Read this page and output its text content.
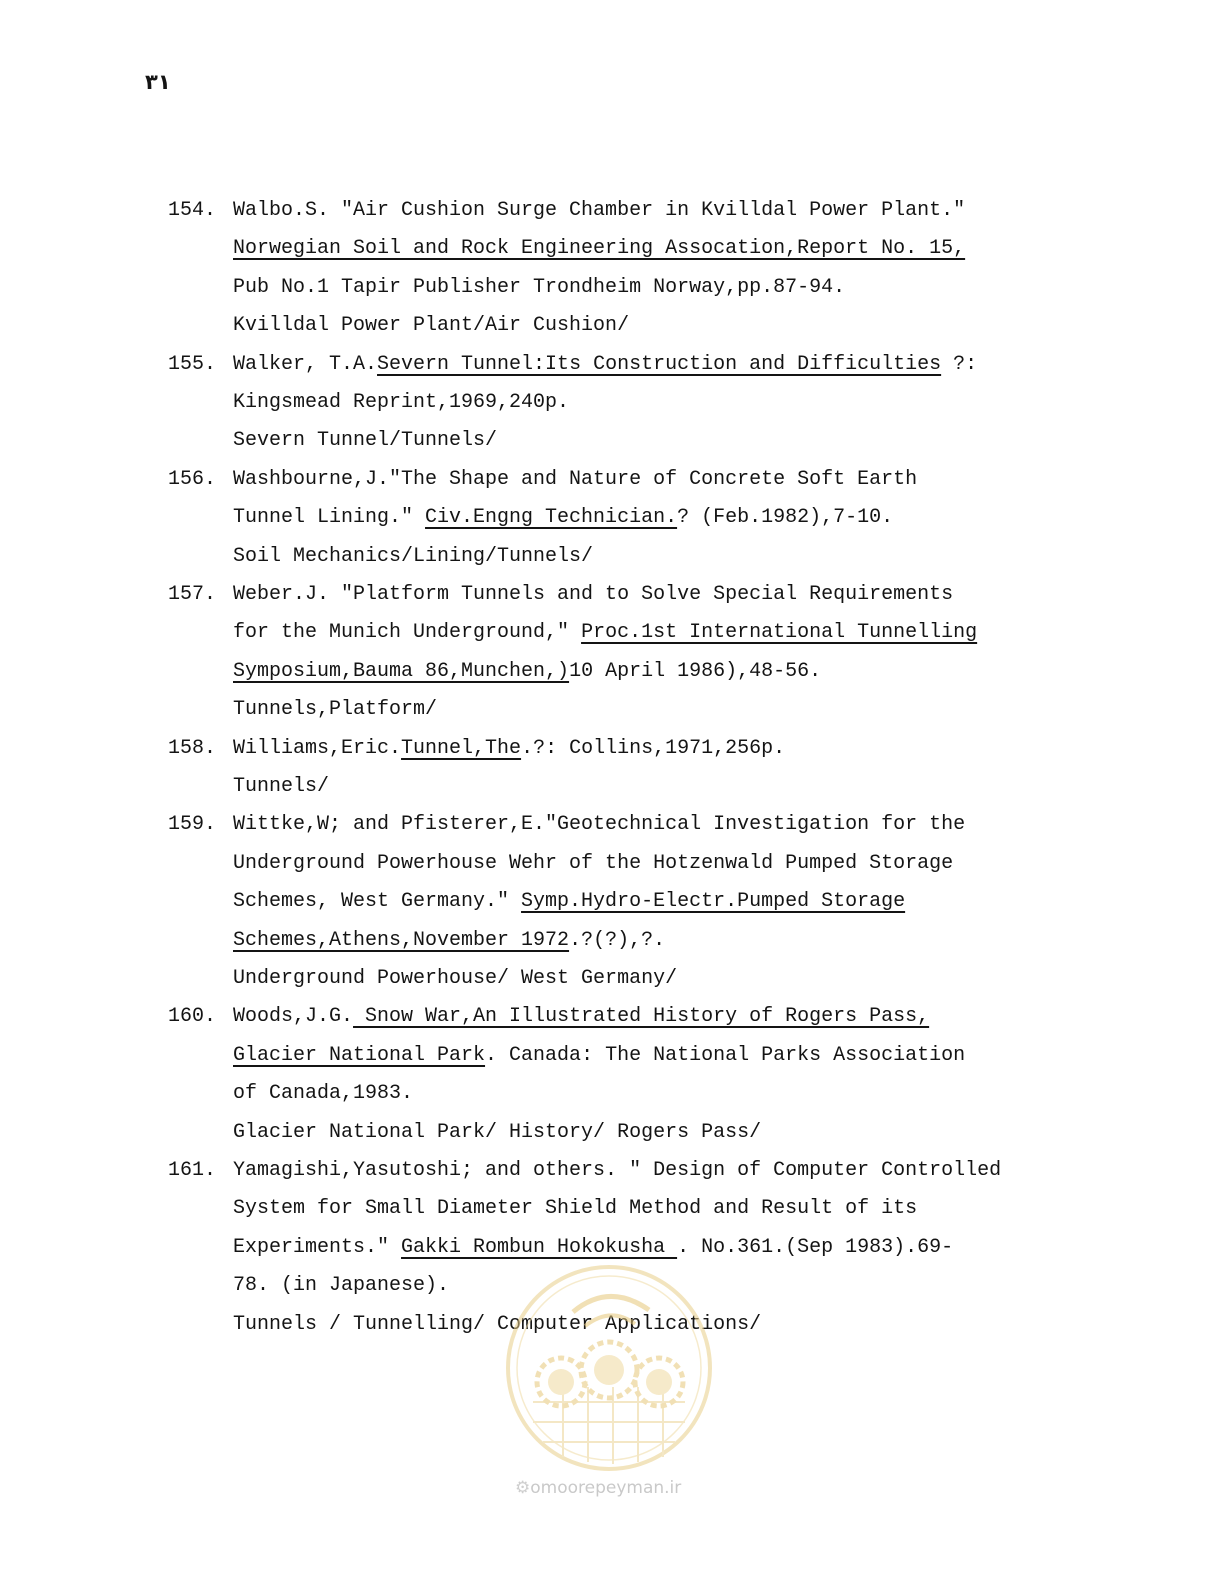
٣١
154. Walbo.S. "Air Cushion Surge Chamber in Kvilldal Power Plant."
Norwegian Soil and Rock Engineering Assocation,Report No. 15,
Pub No.1 Tapir Publisher Trondheim Norway,pp.87-94.
Kvilldal Power Plant/Air Cushion/
155. Walker, T.A.Severn Tunnel:Its Construction and Difficulties ?:
Kingsmead Reprint,1969,240p.
Severn Tunnel/Tunnels/
156. Washbourne,J."The Shape and Nature of Concrete Soft Earth
Tunnel Lining." Civ.Engng Technician.? (Feb.1982),7-10.
Soil Mechanics/Lining/Tunnels/
157. Weber.J. "Platform Tunnels and to Solve Special Requirements
for the Munich Underground," Proc.1st International Tunnelling
Symposium,Bauma 86,Munchen,)10 April 1986),48-56.
Tunnels,Platform/
158. Williams,Eric.Tunnel,The.?: Collins,1971,256p.
Tunnels/
159. Wittke,W; and Pfisterer,E."Geotechnical Investigation for the
Underground Powerhouse Wehr of the Hotzenwald Pumped Storage
Schemes, West Germany." Symp.Hydro-Electr.Pumped Storage
Schemes,Athens,November 1972.?(?),?.
Underground Powerhouse/ West Germany/
160. Woods,J.G. Snow War,An Illustrated History of Rogers Pass,
Glacier National Park. Canada: The National Parks Association
of Canada,1983.
Glacier National Park/ History/ Rogers Pass/
161. Yamagishi,Yasutoshi; and others. " Design of Computer Controlled
System for Small Diameter Shield Method and Result of its
Experiments." Gakki Rombun Hokokusha . No.361.(Sep 1983).69-
78. (in Japanese).
Tunnels / Tunnelling/ Computer Applications/
⚙omoorepeyman.ir
